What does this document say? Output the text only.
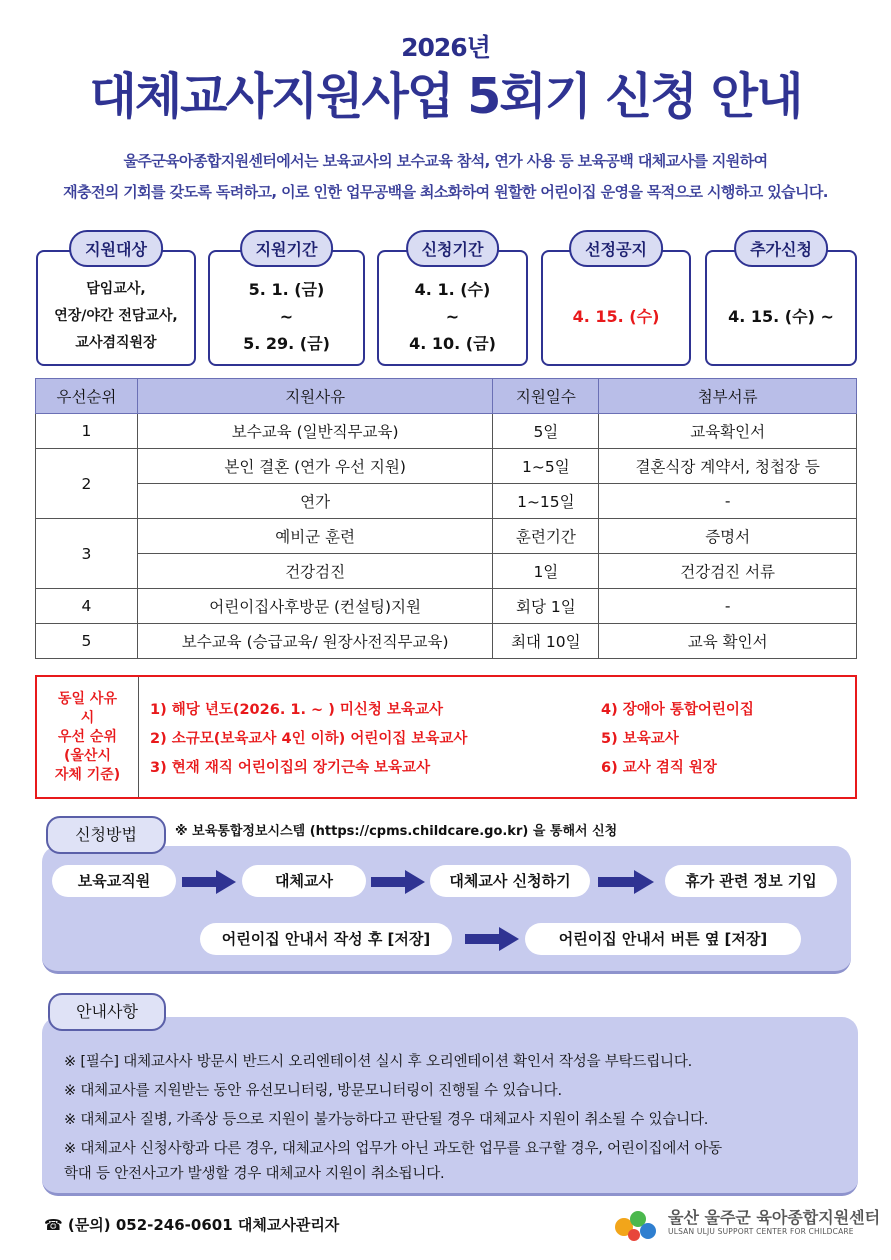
2026년
대체교사지원사업 5회기 신청 안내
울주군육아종합지원센터에서는 보육교사의 보수교육 참석, 연가 사용 등 보육공백 대체교사를 지원하여
재충전의 기회를 갖도록 독려하고, 이로 인한 업무공백을 최소화하여 원할한 어린이집 운영을 목적으로 시행하고 있습니다.
지원대상
담임교사,
연장/야간 전담교사,
교사겸직원장
지원기간
5. 1. (금)
~
5. 29. (금)
신청기간
4. 1. (수)
~
4. 10. (금)
선정공지
4. 15. (수)
추가신청
4. 15. (수) ~
우선순위	지원사유	지원일수	첨부서류
1	보수교육 (일반직무교육)	5일	교육확인서
2	본인 결혼 (연가 우선 지원)	1~5일	결혼식장 계약서, 청첩장 등
	연가	1~15일	-
3	예비군 훈련	훈련기간	증명서
	건강검진	1일	건강검진 서류
4	어린이집사후방문 (컨설팅)지원	회당 1일	-
5	보수교육 (승급교육/ 원장사전직무교육)	최대 10일	교육 확인서
동일 사유
시
우선 순위
(울산시
자체 기준)
1) 해당 년도(2026. 1. ~ ) 미신청 보육교사
2) 소규모(보육교사 4인 이하) 어린이집 보육교사
3) 현재 재직 어린이집의 장기근속 보육교사
4) 장애아 통합어린이집
5) 보육교사
6) 교사 겸직 원장
신청방법	※ 보육통합정보시스템 (https://cpms.childcare.go.kr) 을 통해서 신청
보육교직원	대체교사	대체교사 신청하기	휴가 관련 정보 기입
어린이집 안내서 작성 후 [저장]	어린이집 안내서 버튼 옆 [저장]
안내사항
※ [필수] 대체교사사 방문시 반드시 오리엔테이션 실시 후 오리엔테이션 확인서 작성을 부탁드립니다.
※ 대체교사를 지원받는 동안 유선모니터링, 방문모니터링이 진행될 수 있습니다.
※ 대체교사 질병, 가족상 등으로 지원이 불가능하다고 판단될 경우 대체교사 지원이 취소될 수 있습니다.
※ 대체교사 신청사항과 다른 경우, 대체교사의 업무가 아닌 과도한 업무를 요구할 경우, 어린이집에서 아동
학대 등 안전사고가 발생할 경우 대체교사 지원이 취소됩니다.
☎ (문의) 052-246-0601 대체교사관리자	울산 울주군 육아종합지원센터
ULSAN ULJU SUPPORT CENTER FOR CHILDCARE
